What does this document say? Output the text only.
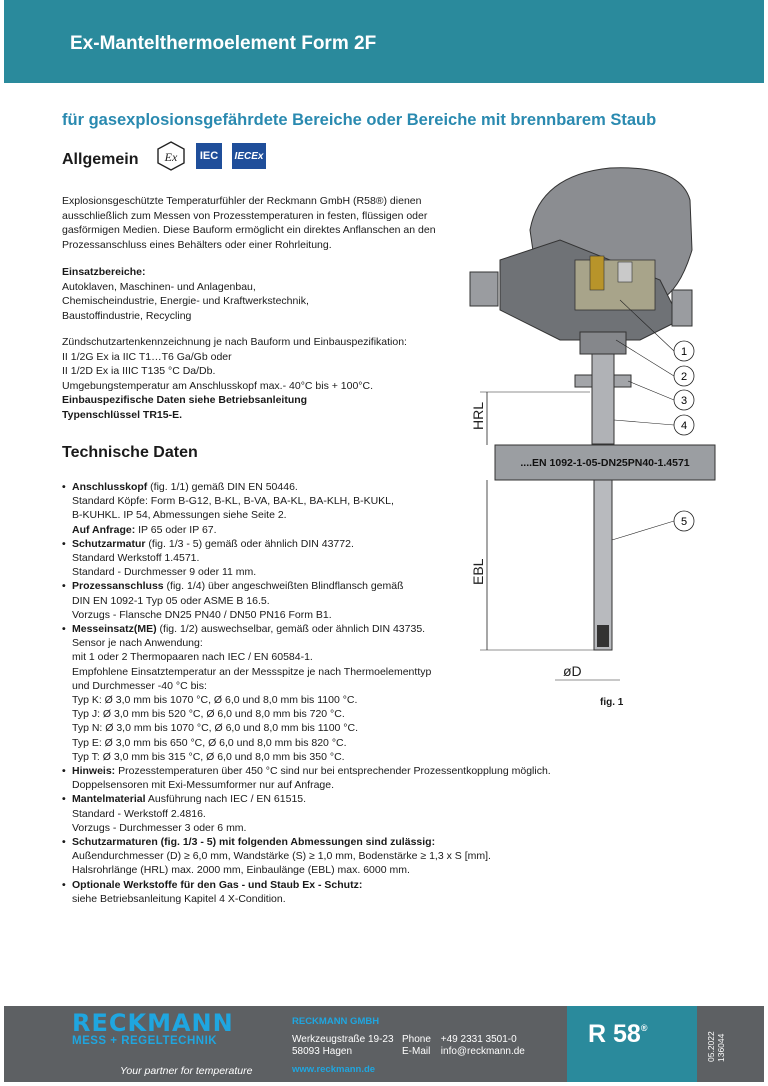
Ex-Mantelthermoelement Form 2F
für gasexplosionsgefährdete Bereiche oder Bereiche mit brennbarem Staub
Allgemein Ex	IEC	IECEx
Explosionsgeschützte Temperaturfühler der Reckmann GmbH (R58®) dienen
ausschließlich zum Messen von Prozesstemperaturen in festen, flüssigen oder
gasförmigen Medien. Diese Bauform ermöglicht ein direktes Anflanschen an den
Prozessanschluss eines Behälters oder einer Rohrleitung.
Einsatzbereiche:
Autoklaven, Maschinen- und Anlagenbau,
Chemischeindustrie, Energie- und Kraftwerkstechnik,
Baustoffindustrie, Recycling
Zündschutzartenkennzeichnung je nach Bauform und Einbauspezifikation:
II 1/2G Ex ia IIC T1…T6 Ga/Gb oder
II 1/2D Ex ia IIIC T135 °C Da/Db.
Umgebungstemperatur am Anschlusskopf max.- 40°C bis + 100°C.
Einbauspezifische Daten siehe Betriebsanleitung
Typenschlüssel TR15-E.
Technische Daten
• Anschlusskopf (fig. 1/1) gemäß DIN EN 50446.
Standard Köpfe: Form B-G12, B-KL, B-VA, BA-KL, BA-KLH, B-KUKL,
B-KUHKL. IP 54, Abmessungen siehe Seite 2.
Auf Anfrage: IP 65 oder IP 67.
• Schutzarmatur (fig. 1/3 - 5) gemäß oder ähnlich DIN 43772.
Standard Werkstoff 1.4571.
Standard - Durchmesser 9 oder 11 mm.
• Prozessanschluss (fig. 1/4) über angeschweißten Blindflansch gemäß
DIN EN 1092-1 Typ 05 oder ASME B 16.5.
Vorzugs - Flansche DN25 PN40 / DN50 PN16 Form B1.
• Messeinsatz(ME) (fig. 1/2) auswechselbar, gemäß oder ähnlich DIN 43735.
Sensor je nach Anwendung:
mit 1 oder 2 Thermopaaren nach IEC / EN 60584-1.
Empfohlene Einsatztemperatur an der Messspitze je nach Thermoelementtyp
und Durchmesser -40 °C bis:
Typ K: Ø 3,0 mm bis 1070 °C, Ø 6,0 und 8,0 mm bis 1100 °C.
Typ J: Ø 3,0 mm bis 520 °C, Ø 6,0 und 8,0 mm bis 720 °C.
Typ N: Ø 3,0 mm bis 1070 °C, Ø 6,0 und 8,0 mm bis 1100 °C.
Typ E: Ø 3,0 mm bis 650 °C, Ø 6,0 und 8,0 mm bis 820 °C.
Typ T: Ø 3,0 mm bis 315 °C, Ø 6,0 und 8,0 mm bis 350 °C.
• Hinweis: Prozesstemperaturen über 450 °C sind nur bei entsprechender Prozessentkopplung möglich.
Doppelsensoren mit Exi-Messumformer nur auf Anfrage.
• Mantelmaterial Ausführung nach IEC / EN 61515.
Standard - Werkstoff 2.4816.
Vorzugs - Durchmesser 3 oder 6 mm.
• Schutzarmaturen (fig. 1/3 - 5) mit folgenden Abmessungen sind zulässig:
Außendurchmesser (D) ≥ 6,0 mm, Wandstärke (S) ≥ 1,0 mm, Bodenstärke ≥ 1,3 x S [mm].
Halsrohrlänge (HRL) max. 2000 mm, Einbaulänge (EBL) max. 6000 mm.
• Optionale Werkstoffe für den Gas - und Staub Ex - Schutz:
siehe Betriebsanleitung Kapitel 4 X-Condition.
....EN 1092-1-05-DN25PN40-1.4571
HRL
EBL
øD
1
2
3
4
5
fig. 1
RECKMANN
MESS + REGELTECHNIK
Your partner for temperature
RECKMANN GMBH
Werkzeugstraße 19-23
58093 Hagen
Phone +49 2331 3501-0
E-Mail info@reckmann.de
www.reckmann.de
R 58®
05.2022 136044
